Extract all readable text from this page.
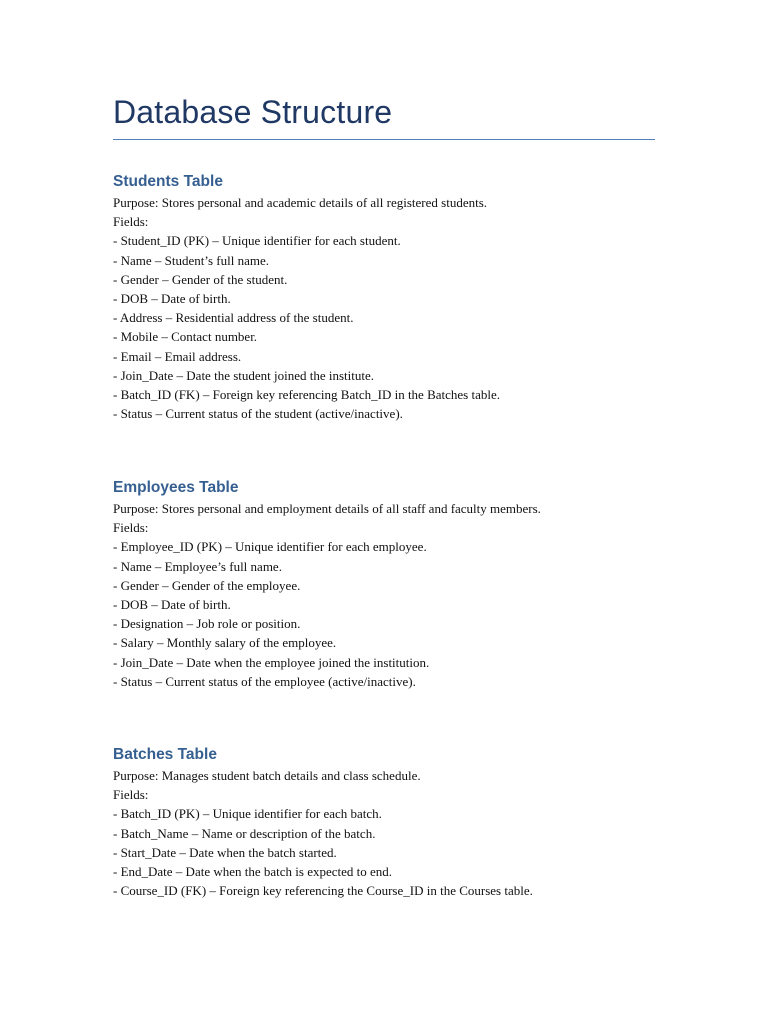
Database Structure
Students Table
Purpose: Stores personal and academic details of all registered students.
Fields:
- Student_ID (PK) – Unique identifier for each student.
- Name – Student’s full name.
- Gender – Gender of the student.
- DOB – Date of birth.
- Address – Residential address of the student.
- Mobile – Contact number.
- Email – Email address.
- Join_Date – Date the student joined the institute.
- Batch_ID (FK) – Foreign key referencing Batch_ID in the Batches table.
- Status – Current status of the student (active/inactive).
Employees Table
Purpose: Stores personal and employment details of all staff and faculty members.
Fields:
- Employee_ID (PK) – Unique identifier for each employee.
- Name – Employee’s full name.
- Gender – Gender of the employee.
- DOB – Date of birth.
- Designation – Job role or position.
- Salary – Monthly salary of the employee.
- Join_Date – Date when the employee joined the institution.
- Status – Current status of the employee (active/inactive).
Batches Table
Purpose: Manages student batch details and class schedule.
Fields:
- Batch_ID (PK) – Unique identifier for each batch.
- Batch_Name – Name or description of the batch.
- Start_Date – Date when the batch started.
- End_Date – Date when the batch is expected to end.
- Course_ID (FK) – Foreign key referencing the Course_ID in the Courses table.
